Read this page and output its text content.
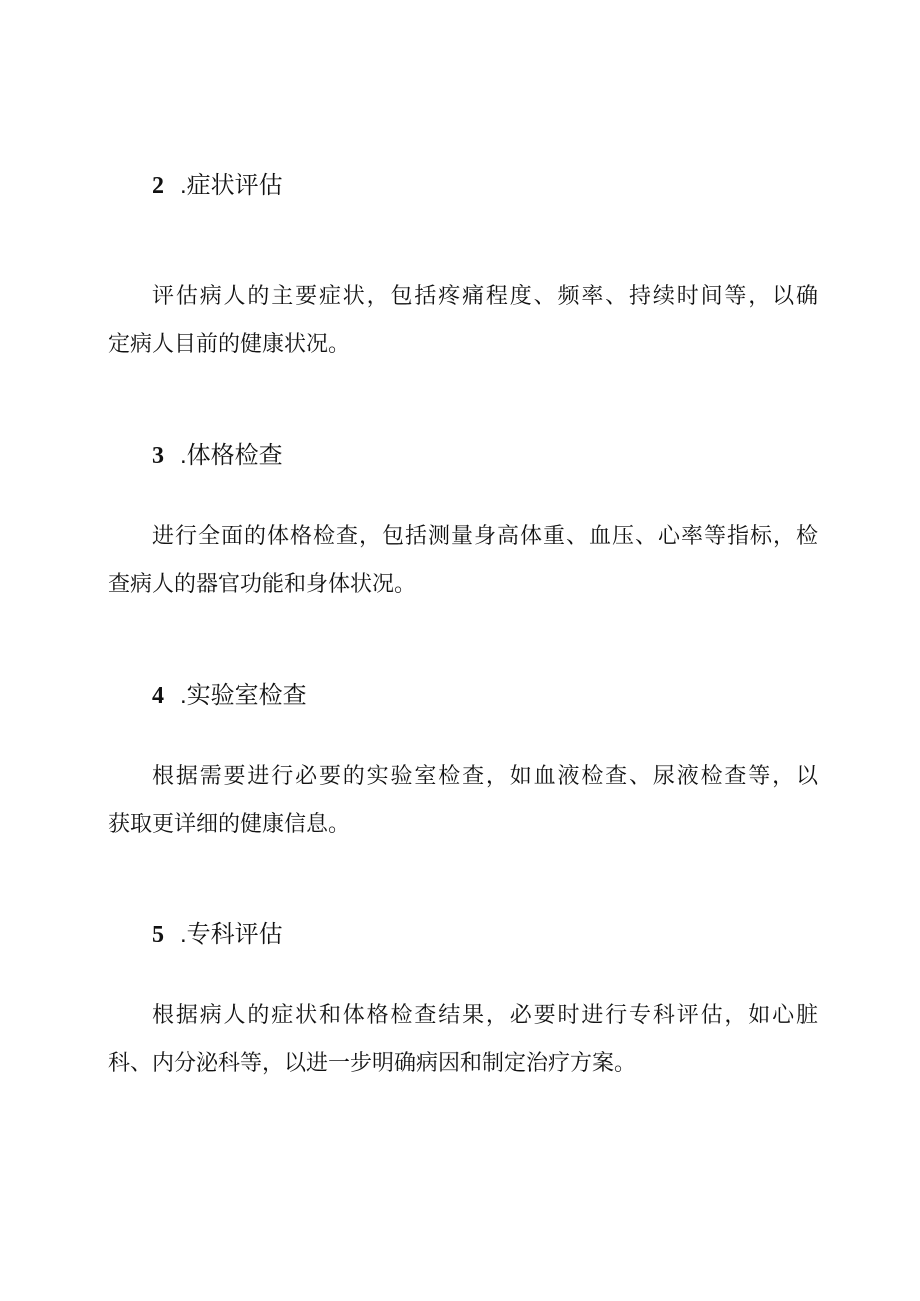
2 .症状评估
评估病人的主要症状，包括疼痛程度、频率、持续时间等，以确
定病人目前的健康状况。
3 .体格检查
进行全面的体格检查，包括测量身高体重、血压、心率等指标，检
查病人的器官功能和身体状况。
4 .实验室检查
根据需要进行必要的实验室检查，如血液检查、尿液检查等，以
获取更详细的健康信息。
5 .专科评估
根据病人的症状和体格检查结果，必要时进行专科评估，如心脏
科、内分泌科等，以进一步明确病因和制定治疗方案。
